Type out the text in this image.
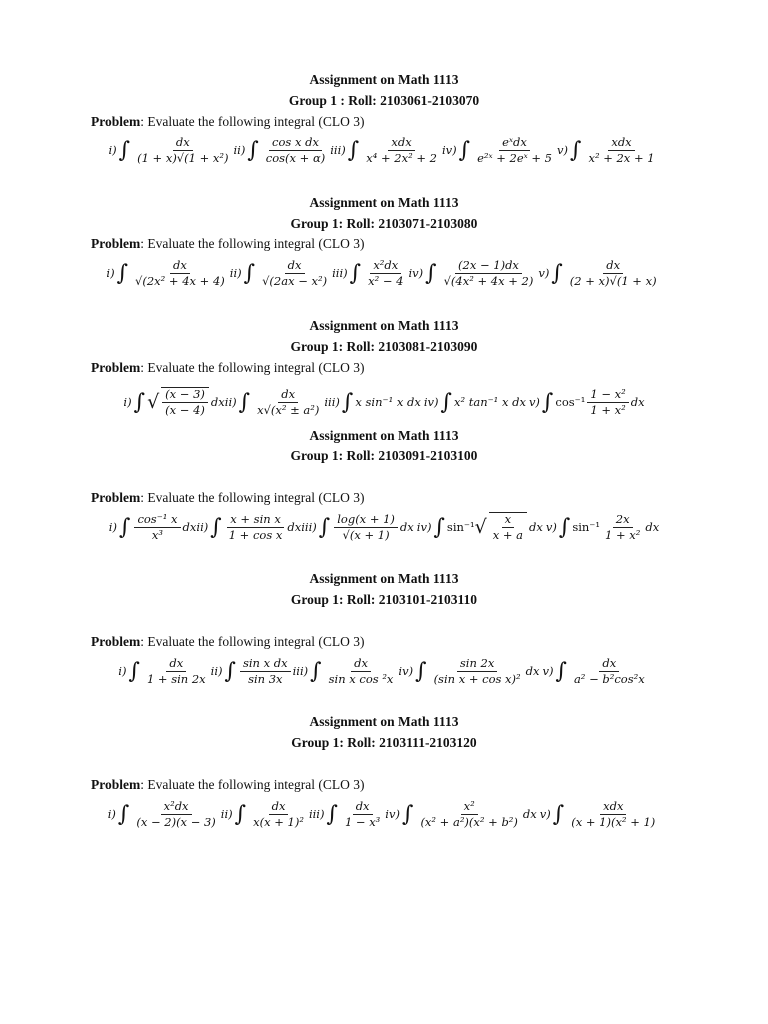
Assignment on Math 1113
Group 1 : Roll: 2103061-2103070
Problem: Evaluate the following integral (CLO 3)
i) ∫ $\frac{dx}{\text{(1 + x)√(1 + x²)}} ii$) ∫ $\frac{\text{cos x dx}}{\cos(x + \alpha)} iii$) ∫ $\frac{\text{xdx}}{\text{x⁴ + 2x² + 2}} iv$) ∫ $\frac{\text{eˣdx}}{\text{e²ˣ + 2eˣ + 5}} v$) ∫ $\frac{\text{xdx}}{\text{x² + 2x + 1}}$
Assignment on Math 1113
Group 1: Roll: 2103071-2103080
Problem: Evaluate the following integral (CLO 3)
i) ∫ $\frac{dx}{\text{√(2x² + 4x + 4)}} ii$) ∫ $\frac{dx}{\text{√(2ax − x²)}} iii$) ∫ $\frac{\text{x²dx}}{\text{x² − 4}} iv$) ∫ $\frac{(2x - 1)dx}{\text{√(4x² + 4x + 2)}} v$) ∫ $\frac{dx}{(2 + x)√(1 + x)}$
Assignment on Math 1113
Group 1: Roll: 2103081-2103090
Problem: Evaluate the following integral (CLO 3)
i) ∫ √ $\frac{(x - 3)}{(x - 4)}$ dx ii) ∫ $\frac{dx}{\text{x√(x² ± a²)}} iii$) ∫ x sin⁻¹ x dx iv) ∫ x² tan⁻¹ x dx v) ∫ $\cos^{-1} \frac{\text{1 − x²}}{\text{1 + x²}}$ dx
Assignment on Math 1113
Group 1: Roll: 2103091-2103100
Problem: Evaluate the following integral (CLO 3)
i) ∫ $\frac{\text{cos⁻¹ x}}{\text{x³}}$ dx ii) ∫ $\frac{\text{x + sin x}}{\text{1 + cos x}}$ dx iii) ∫ $\frac{\log(x + 1)}{√(x + 1)}$ dx iv) ∫ sin⁻¹ √ $\frac{x}{x + a}$ dx v) ∫ $\sin^{-1} \frac{2x}{\text{1 + x²}}$ dx
Assignment on Math 1113
Group 1: Roll: 2103101-2103110
Problem: Evaluate the following integral (CLO 3)
i) ∫ $\frac{dx}{1 + \sin 2x} ii$) ∫ $\frac{\text{sin x dx}}{\sin 3x} iii$) ∫ $\frac{dx}{\text{sin x cos ²x}} iv$) ∫ $\frac{\sin 2x}{\text{(sin x + cos x)²}}$ dx v) ∫ $\frac{dx}{\text{a² − b²cos²x}}$
Assignment on Math 1113
Group 1: Roll: 2103111-2103120
Problem: Evaluate the following integral (CLO 3)
i) ∫ $\frac{\text{x²dx}}{(x - 2)(x - 3)} ii$) ∫ $\frac{dx}{\text{x(x + 1)²}} iii$) ∫ $\frac{dx}{\text{1 − x³}} iv$) ∫ $\frac{\text{x²}}{\text{(x² + a²)(x² + b²)}}$ dx v) ∫ $\frac{\text{xdx}}{\text{(x + 1)(x² + 1)}}$
